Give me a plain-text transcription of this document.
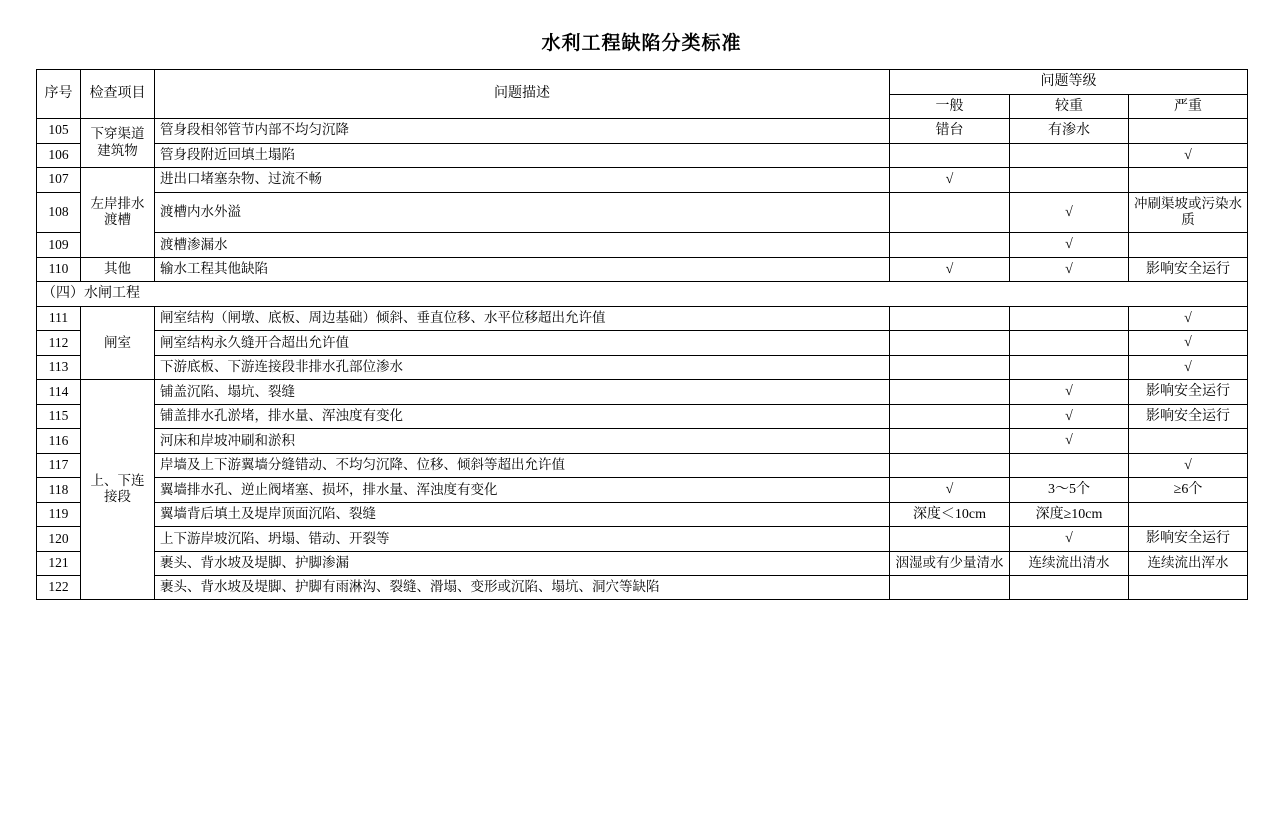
水利工程缺陷分类标准
序号	检查项目	问题描述	问题等级		
			一般	较重	严重
105	下穿渠道建筑物	管身段相邻管节内部不均匀沉降	错台	有渗水	
106		管身段附近回填土塌陷			√
107	左岸排水渡槽	进出口堵塞杂物、过流不畅	√		
108		渡槽内水外溢		√	冲刷渠坡或污染水质
109		渡槽渗漏水		√	
110	其他	输水工程其他缺陷	√	√	影响安全运行
（四）水闸工程					
111	闸室	闸室结构（闸墩、底板、周边基础）倾斜、垂直位移、水平位移超出允许值			√
112		闸室结构永久缝开合超出允许值			√
113		下游底板、下游连接段非排水孔部位渗水			√
114	上、下连接段	铺盖沉陷、塌坑、裂缝		√	影响安全运行
115		铺盖排水孔淤堵，排水量、浑浊度有变化		√	影响安全运行
116		河床和岸坡冲刷和淤积		√	
117		岸墙及上下游翼墙分缝错动、不均匀沉降、位移、倾斜等超出允许值			√
118		翼墙排水孔、逆止阀堵塞、损坏，排水量、浑浊度有变化	√	3～5个	≥6个
119		翼墙背后填土及堤岸顶面沉陷、裂缝	深度＜10cm	深度≥10cm	
120		上下游岸坡沉陷、坍塌、错动、开裂等		√	影响安全运行
121		裹头、背水坡及堤脚、护脚渗漏	洇湿或有少量清水	连续流出清水	连续流出浑水
122		裹头、背水坡及堤脚、护脚有雨淋沟、裂缝、滑塌、变形或沉陷、塌坑、洞穴等缺陷			
